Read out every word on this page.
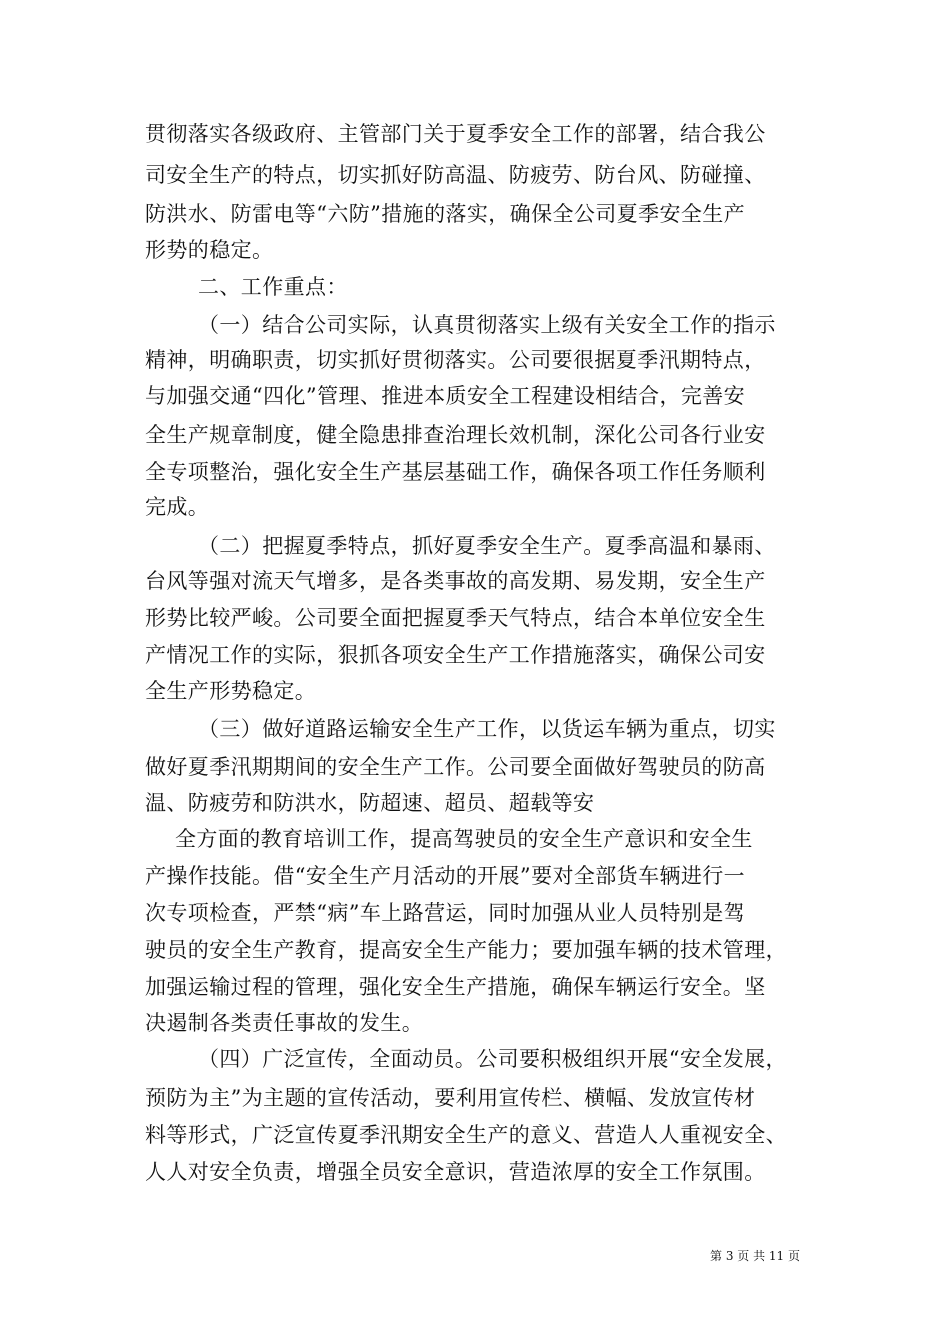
贯彻落实各级政府、主管部门关于夏季安全工作的部署，结合我公
司安全生产的特点，切实抓好防高温、防疲劳、防台风、防碰撞、
防洪水、防雷电等“六防”措施的落实，确保全公司夏季安全生产
形势的稳定。
二、工作重点：
（一）结合公司实际，认真贯彻落实上级有关安全工作的指示
精神，明确职责，切实抓好贯彻落实。公司要很据夏季汛期特点，
与加强交通“四化”管理、推进本质安全工程建设相结合，完善安
全生产规章制度，健全隐患排查治理长效机制，深化公司各行业安
全专项整治，强化安全生产基层基础工作，确保各项工作任务顺利
完成。
（二）把握夏季特点，抓好夏季安全生产。夏季高温和暴雨、
台风等强对流天气增多，是各类事故的高发期、易发期，安全生产
形势比较严峻。公司要全面把握夏季天气特点，结合本单位安全生
产情况工作的实际，狠抓各项安全生产工作措施落实，确保公司安
全生产形势稳定。
（三）做好道路运输安全生产工作，以货运车辆为重点，切实
做好夏季汛期期间的安全生产工作。公司要全面做好驾驶员的防高
温、防疲劳和防洪水，防超速、超员、超载等安
全方面的教育培训工作，提高驾驶员的安全生产意识和安全生
产操作技能。借“安全生产月活动的开展”要对全部货车辆进行一
次专项检查，严禁“病”车上路营运，同时加强从业人员特别是驾
驶员的安全生产教育，提高安全生产能力；要加强车辆的技术管理，
加强运输过程的管理，强化安全生产措施，确保车辆运行安全。坚
决遏制各类责任事故的发生。
（四）广泛宣传，全面动员。公司要积极组织开展“安全发展，
预防为主”为主题的宣传活动，要利用宣传栏、横幅、发放宣传材
料等形式，广泛宣传夏季汛期安全生产的意义、营造人人重视安全、
人人对安全负责，增强全员安全意识，营造浓厚的安全工作氛围。
第 3 页 共 11 页
